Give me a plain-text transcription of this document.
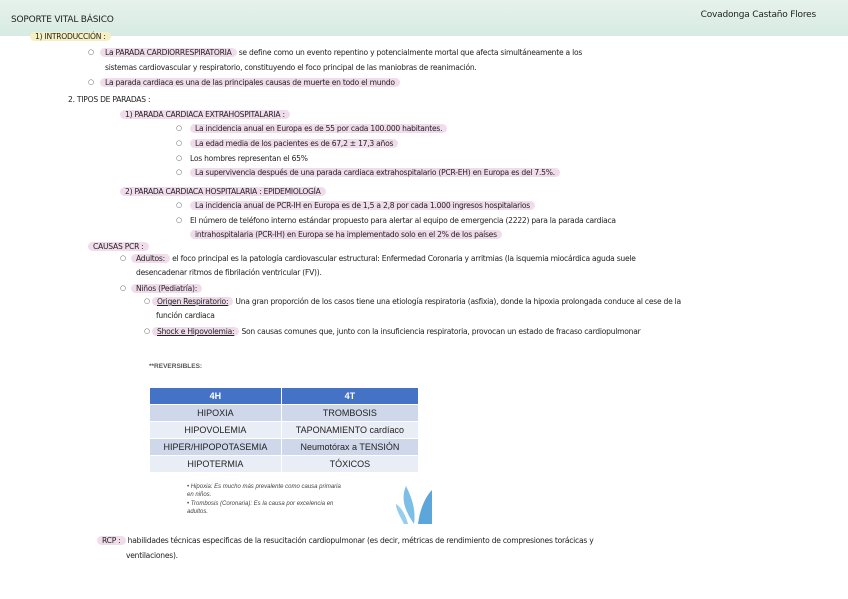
SOPORTE VITAL BÁSICO	Covadonga Castaño Flores
1) INTRODUCCIÓN :
○	La PARADA CARDIORRESPIRATORIA se define como un evento repentino y potencialmente mortal que afecta simultáneamente a los
sistemas cardiovascular y respiratorio, constituyendo el foco principal de las maniobras de reanimación.
○	La parada cardiaca es una de las principales causas de muerte en todo el mundo
2. TIPOS DE PARADAS :
1) PARADA CARDIACA EXTRAHOSPITALARIA :
○	La incidencia anual en Europa es de 55 por cada 100.000 habitantes.
○	La edad media de los pacientes es de 67,2 ± 17,3 años
○ Los hombres representan el 65%
○	La supervivencia después de una parada cardiaca extrahospitalario (PCR-EH) en Europa es del 7.5%.
2) PARADA CARDIACA HOSPITALARIA : EPIDEMIOLOGÍA
○	La incidencia anual de PCR-IH en Europa es de 1,5 a 2,8 por cada 1.000 ingresos hospitalarios
○ El número de teléfono interno estándar propuesto para alertar al equipo de emergencia (2222) para la parada cardiaca
intrahospitalaria (PCR-IH) en Europa se ha implementado solo en el 2% de los países
CAUSAS PCR :
○	Adultos: el foco principal es la patología cardiovascular estructural: Enfermedad Coronaria y arritmias (la isquemia miocárdica aguda suele
desencadenar ritmos de fibrilación ventricular (FV)).
○	Niños (Pediatría):
○ Origen Respiratorio: Una gran proporción de los casos tiene una etiología respiratoria (asfixia), donde la hipoxia prolongada conduce al cese de la
función cardiaca
○ Shock e Hipovolemia: Son causas comunes que, junto con la insuficiencia respiratoria, provocan un estado de fracaso cardiopulmonar
**REVERSIBLES:
4H	4T
HIPOXIA	TROMBOSIS
HIPOVOLEMIA	TAPONAMIENTO cardíaco
HIPER/HIPOPOTASEMIA	Neumotórax a TENSIÓN
HIPOTERMIA	TÓXICOS
• Hipoxia: Es mucho más prevalente como causa primaria
en niños.
• Trombosis (Coronaria): Es la causa por excelencia en
adultos.
RCP : habilidades técnicas especificas de la resucitación cardiopulmonar (es decir, métricas de rendimiento de compresiones torácicas y
ventilaciones).
